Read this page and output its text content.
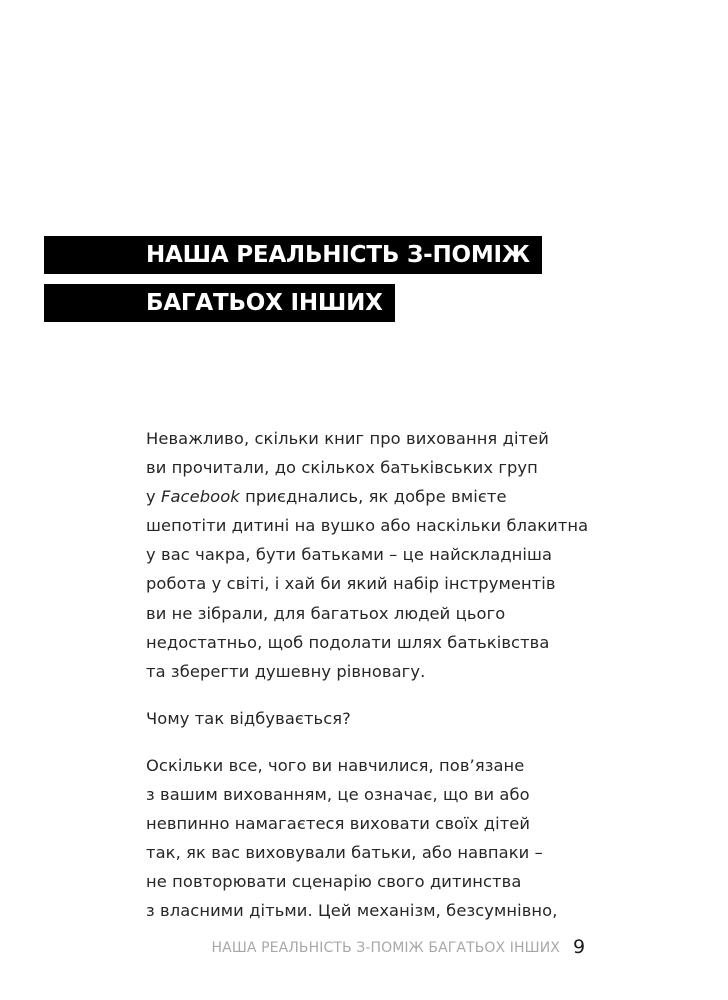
НАША РЕАЛЬНІСТЬ З-ПОМІЖ
БАГАТЬОХ ІНШИХ

Неважливо, скільки книг про виховання дітей
ви прочитали, до скількох батьківських груп
у Facebook приєднались, як добре вмієте
шепотіти дитині на вушко або наскільки блакитна
у вас чакра, бути батьками – це найскладніша
робота у світі, і хай би який набір інструментів
ви не зібрали, для багатьох людей цього
недостатньо, щоб подолати шлях батьківства
та зберегти душевну рівновагу.

Чому так відбувається?

Оскільки все, чого ви навчилися, пов’язане
з вашим вихованням, це означає, що ви або
невпинно намагаєтеся виховати своїх дітей
так, як вас виховували батьки, або навпаки –
не повторювати сценарію свого дитинства
з власними дітьми. Цей механізм, безсумнівно,

НАША РЕАЛЬНІСТЬ З-ПОМІЖ БАГАТЬОХ ІНШИХ 9
